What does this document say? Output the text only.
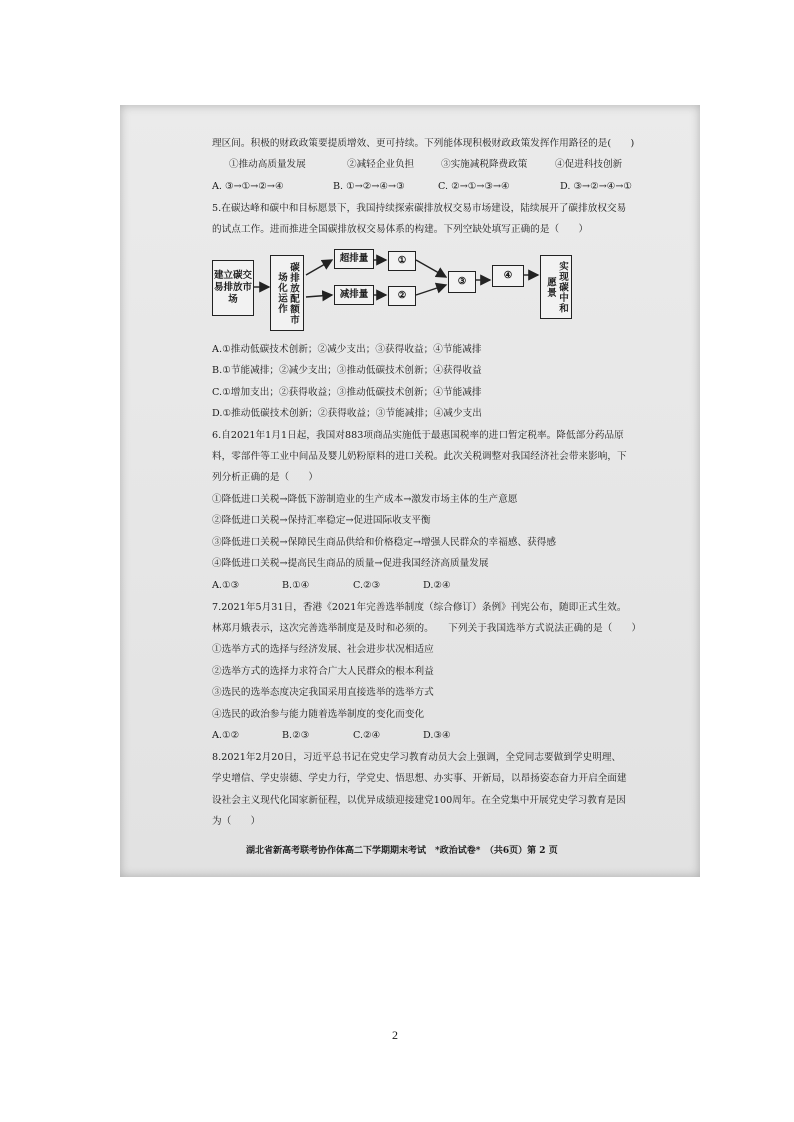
理区间。积极的财政政策要提质增效、更可持续。下列能体现积极财政政策发挥作用路径的是(　　)
①推动高质量发展	②减轻企业负担	③实施减税降费政策	④促进科技创新
A. ③→①→②→④	B. ①→②→④→③	C. ②→①→③→④	D. ③→②→④→①
5.在碳达峰和碳中和目标愿景下，我国持续探索碳排放权交易市场建设，陆续展开了碳排放权交易
的试点工作。进而推进全国碳排放权交易体系的构建。下列空缺处填写正确的是（　　）
建立碳交易排放市场	碳排放配额市场化运作
超排量
减排量
①
②
③
④	实现碳中和愿景
A.①推动低碳技术创新；②减少支出；③获得收益；④节能减排
B.①节能减排；②减少支出；③推动低碳技术创新；④获得收益
C.①增加支出；②获得收益；③推动低碳技术创新；④节能减排
D.①推动低碳技术创新；②获得收益；③节能减排；④减少支出
6.自2021年1月1日起，我国对883项商品实施低于最惠国税率的进口暂定税率。降低部分药品原
料，零部件等工业中间品及婴儿奶粉原料的进口关税。此次关税调整对我国经济社会带来影响，下
列分析正确的是（　　）
①降低进口关税→降低下游制造业的生产成本→激发市场主体的生产意愿
②降低进口关税→保持汇率稳定→促进国际收支平衡
③降低进口关税→保障民生商品供给和价格稳定→增强人民群众的幸福感、获得感
④降低进口关税→提高民生商品的质量→促进我国经济高质量发展
A.①③	B.①④	C.②③	D.②④
7.2021年5月31日，香港《2021年完善选举制度（综合修订）条例》刊宪公布，随即正式生效。
林郑月娥表示，这次完善选举制度是及时和必须的。　　下列关于我国选举方式说法正确的是（　　）
①选举方式的选择与经济发展、社会进步状况相适应
②选举方式的选择力求符合广大人民群众的根本利益
③选民的选举态度决定我国采用直接选举的选举方式
④选民的政治参与能力随着选举制度的变化而变化
A.①②	B.②③	C.②④	D.③④
8.2021年2月20日，习近平总书记在党史学习教育动员大会上强调，全党同志要做到学史明理、
学史增信、学史崇德、学史力行，学党史、悟思想、办实事、开新局，以昂扬姿态奋力开启全面建
设社会主义现代化国家新征程，以优异成绩迎接建党100周年。在全党集中开展党史学习教育是因
为（　　）
湖北省新高考联考协作体高二下学期期末考试　*政治试卷*　（共6页）第 2 页
2
